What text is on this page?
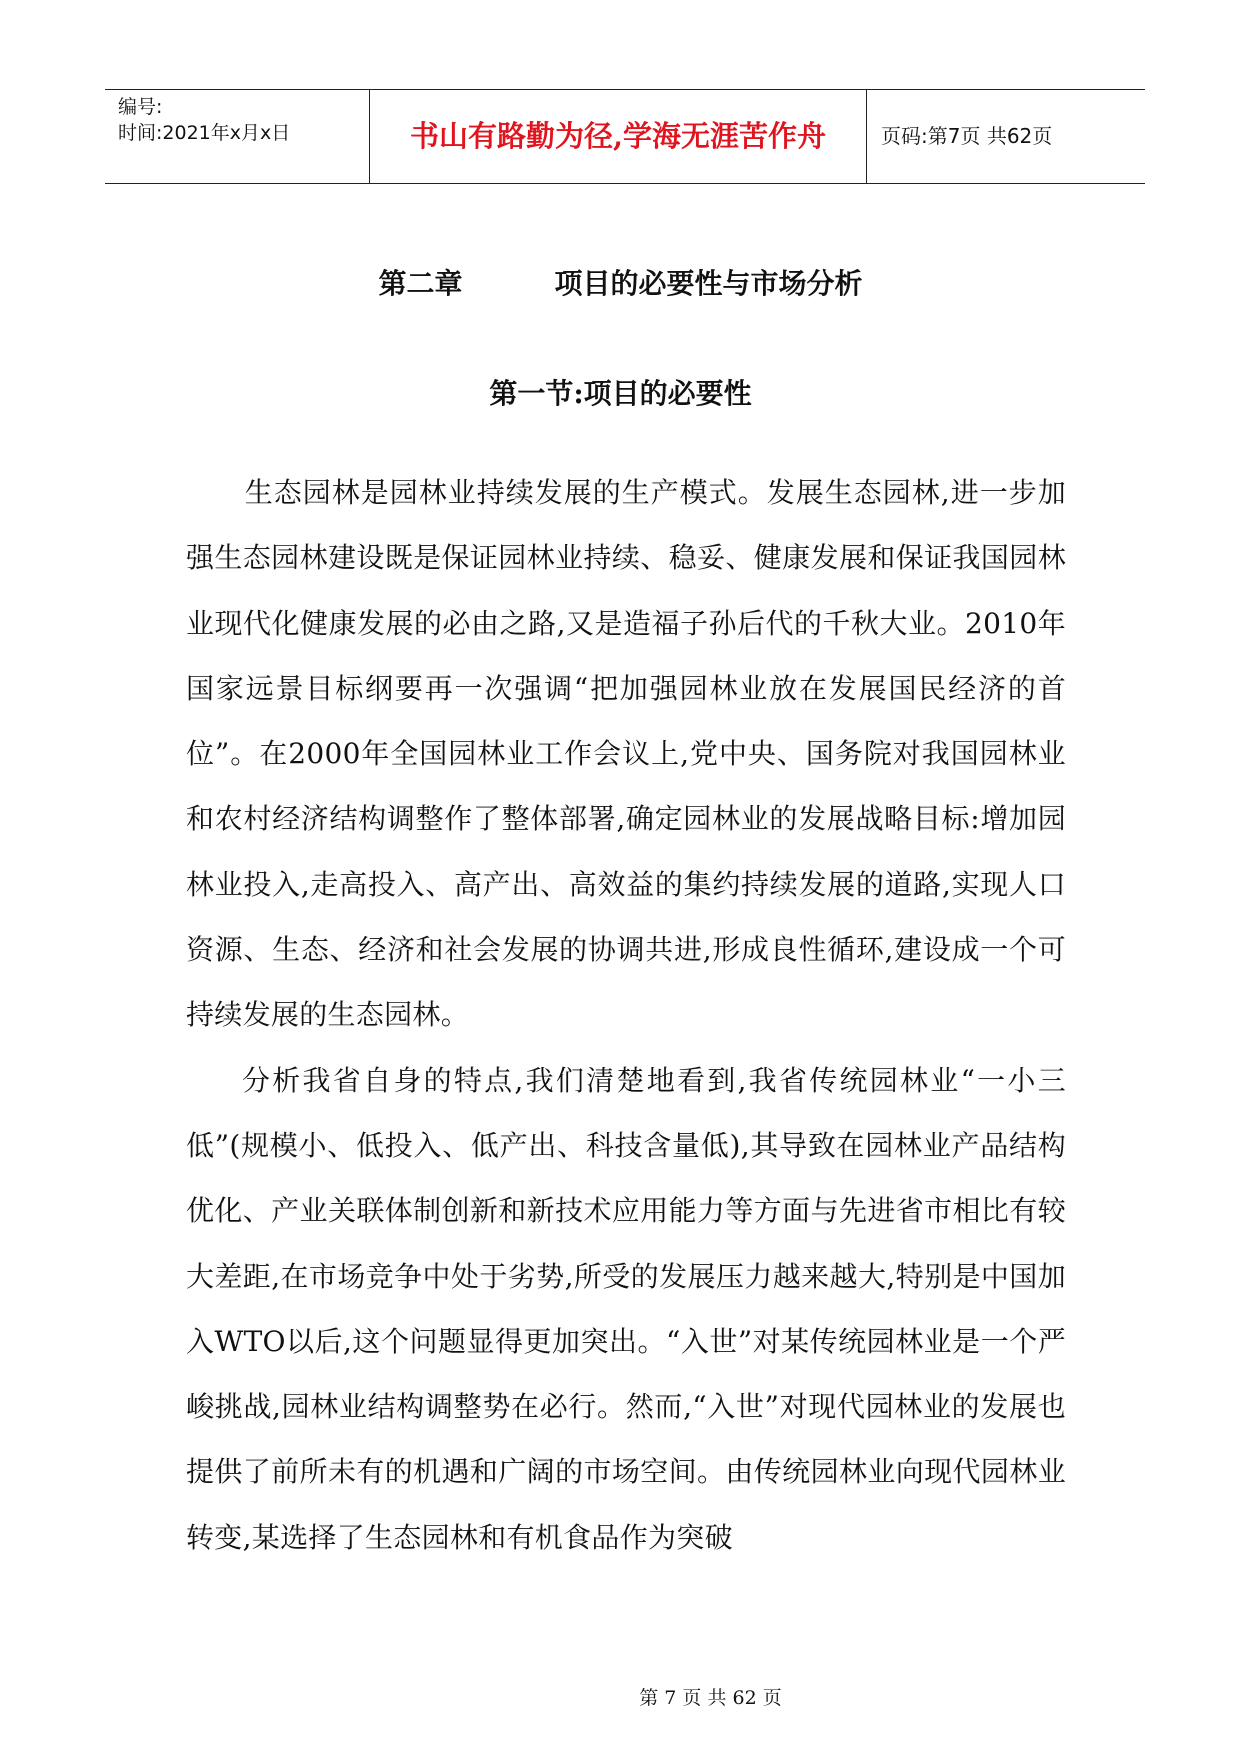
编号:
时间:2021年x月x日	书山有路勤为径,学海无涯苦作舟	页码:第7页 共62页
第二章	项目的必要性与市场分析
第一节:项目的必要性

生态园林是园林业持续发展的生产模式。发展生态园林,进一步加强生态园林建设既是保证园林业持续、稳妥、健康发展和保证我国园林业现代化健康发展的必由之路,又是造福子孙后代的千秋大业。2010年国家远景目标纲要再一次强调“把加强园林业放在发展国民经济的首位”。在2000年全国园林业工作会议上,党中央、国务院对我国园林业和农村经济结构调整作了整体部署,确定园林业的发展战略目标:增加园林业投入,走高投入、高产出、高效益的集约持续发展的道路,实现人口资源、生态、经济和社会发展的协调共进,形成良性循环,建设成一个可持续发展的生态园林。

分析我省自身的特点,我们清楚地看到,我省传统园林业“一小三低”(规模小、低投入、低产出、科技含量低),其导致在园林业产品结构优化、产业关联体制创新和新技术应用能力等方面与先进省市相比有较大差距,在市场竞争中处于劣势,所受的发展压力越来越大,特别是中国加入WTO以后,这个问题显得更加突出。“入世”对某传统园林业是一个严峻挑战,园林业结构调整势在必行。然而,“入世”对现代园林业的发展也提供了前所未有的机遇和广阔的市场空间。由传统园林业向现代园林业转变,某选择了生态园林和有机食品作为突破

第 7 页 共 62 页
